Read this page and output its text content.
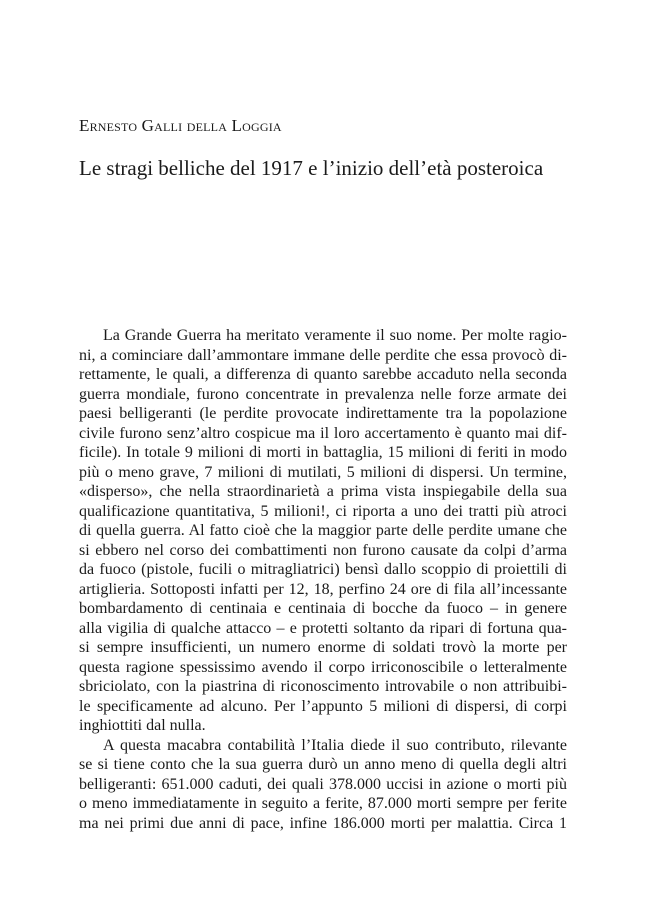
Ernesto Galli della Loggia
Le stragi belliche del 1917 e l’inizio dell’età posteroica
La Grande Guerra ha meritato veramente il suo nome. Per molte ragio-
ni, a cominciare dall’ammontare immane delle perdite che essa provocò di-
rettamente, le quali, a differenza di quanto sarebbe accaduto nella seconda
guerra mondiale, furono concentrate in prevalenza nelle forze armate dei
paesi belligeranti (le perdite provocate indirettamente tra la popolazione
civile furono senz’altro cospicue ma il loro accertamento è quanto mai dif-
ficile). In totale 9 milioni di morti in battaglia, 15 milioni di feriti in modo
più o meno grave, 7 milioni di mutilati, 5 milioni di dispersi. Un termine,
«disperso», che nella straordinarietà a prima vista inspiegabile della sua
qualificazione quantitativa, 5 milioni!, ci riporta a uno dei tratti più atroci
di quella guerra. Al fatto cioè che la maggior parte delle perdite umane che
si ebbero nel corso dei combattimenti non furono causate da colpi d’arma
da fuoco (pistole, fucili o mitragliatrici) bensì dallo scoppio di proiettili di
artiglieria. Sottoposti infatti per 12, 18, perfino 24 ore di fila all’incessante
bombardamento di centinaia e centinaia di bocche da fuoco – in genere
alla vigilia di qualche attacco – e protetti soltanto da ripari di fortuna qua-
si sempre insufficienti, un numero enorme di soldati trovò la morte per
questa ragione spessissimo avendo il corpo irriconoscibile o letteralmente
sbriciolato, con la piastrina di riconoscimento introvabile o non attribuibi-
le specificamente ad alcuno. Per l’appunto 5 milioni di dispersi, di corpi
inghiottiti dal nulla.
A questa macabra contabilità l’Italia diede il suo contributo, rilevante
se si tiene conto che la sua guerra durò un anno meno di quella degli altri
belligeranti: 651.000 caduti, dei quali 378.000 uccisi in azione o morti più
o meno immediatamente in seguito a ferite, 87.000 morti sempre per ferite
ma nei primi due anni di pace, infine 186.000 morti per malattia. Circa 1
